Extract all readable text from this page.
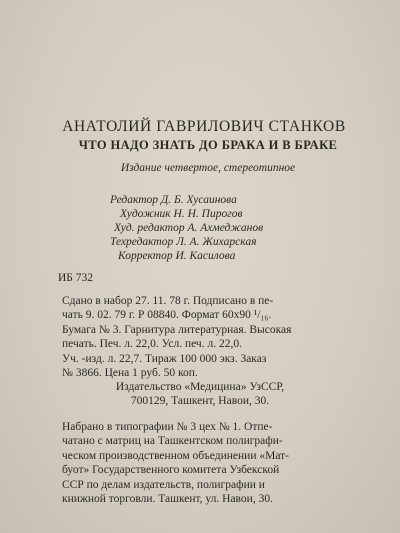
АНАТОЛИЙ ГАВРИЛОВИЧ СТАНКОВ
ЧТО НАДО ЗНАТЬ ДО БРАКА И В БРАКЕ
Издание четвертое, стереотипное
Редактор Д. Б. Хусаинова
Художник Н. Н. Пирогов
Худ. редактор А. Ахмеджанов
Техредактор Л. А. Жихарская
Корректор И. Касилова
ИБ 732
Сдано в набор 27. 11. 78 г. Подписано в пе-
чать 9. 02. 79 г. Р 08840. Формат 60х90 ¹/₁₆.
Бумага № 3. Гарнитура литературная. Высокая
печать. Печ. л. 22,0. Усл. печ. л. 22,0.
Уч. -изд. л. 22,7. Тираж 100 000 экз. Заказ
№ 3866. Цена 1 руб. 50 коп.
Издательство «Медицина» УзССР,
700129, Ташкент, Навои, 30.
Набрано в типографии № 3 цех № 1. Отпе-
чатано с матриц на Ташкентском полиграфи-
ческом производственном объединении «Мат-
буот» Государственного комитета Узбекской
ССР по делам издательств, полиграфии и
книжной торговли. Ташкент, ул. Навои, 30.
